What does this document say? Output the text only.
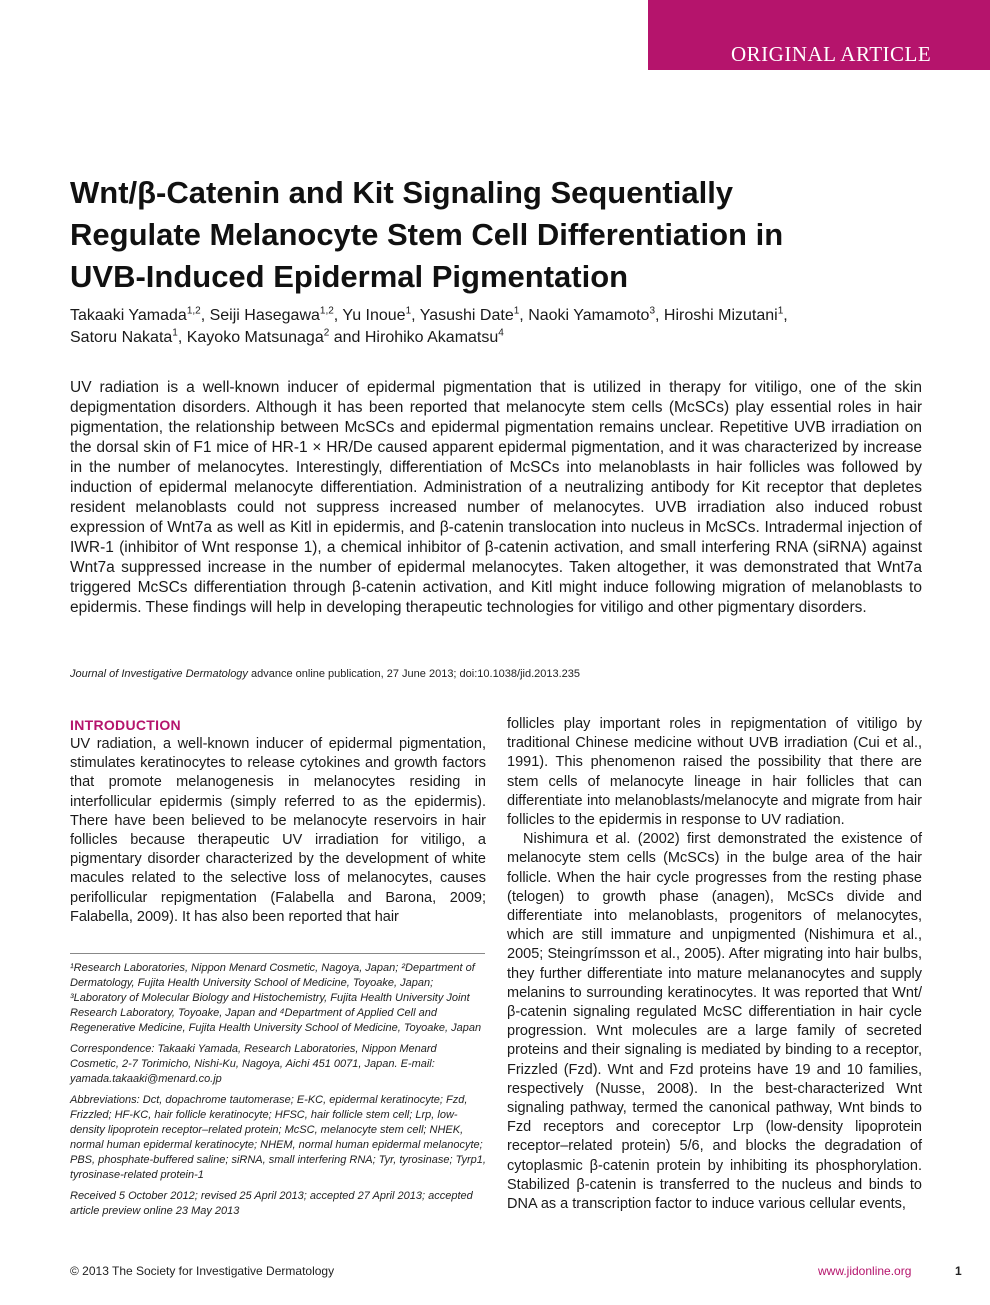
ORIGINAL ARTICLE
Wnt/β-Catenin and Kit Signaling Sequentially
Regulate Melanocyte Stem Cell Differentiation in
UVB-Induced Epidermal Pigmentation
Takaaki Yamada$^{1,2}$, Seiji Hasegawa$^{1,2}$, Yu Inoue$^1$, Yasushi Date$^1$, Naoki Yamamoto$^3$, Hiroshi Mizutani$^1$,
Satoru Nakata$^1$, Kayoko Matsunaga$^2$ and Hirohiko Akamatsu$^4$

UV radiation is a well-known inducer of epidermal pigmentation that is utilized in therapy for vitiligo, one of the skin depigmentation disorders. Although it has been reported that melanocyte stem cells (McSCs) play essential roles in hair pigmentation, the relationship between McSCs and epidermal pigmentation remains unclear. Repetitive UVB irradiation on the dorsal skin of F1 mice of HR-1 × HR/De caused apparent epidermal pigmentation, and it was characterized by increase in the number of melanocytes. Interestingly, differentiation of McSCs into melanoblasts in hair follicles was followed by induction of epidermal melanocyte differentiation. Administration of a neutralizing antibody for Kit receptor that depletes resident melanoblasts could not suppress increased number of melanocytes. UVB irradiation also induced robust expression of Wnt7a as well as Kitl in epidermis, and β-catenin translocation into nucleus in McSCs. Intradermal injection of IWR-1 (inhibitor of Wnt response 1), a chemical inhibitor of β-catenin activation, and small interfering RNA (siRNA) against Wnt7a suppressed increase in the number of epidermal melanocytes. Taken altogether, it was demonstrated that Wnt7a triggered McSCs differentiation through β-catenin activation, and Kitl might induce following migration of melanoblasts to epidermis. These findings will help in developing therapeutic technologies for vitiligo and other pigmentary disorders.

Journal of Investigative Dermatology advance online publication, 27 June 2013; doi:10.1038/jid.2013.235
INTRODUCTION

UV radiation, a well-known inducer of epidermal pigmentation, stimulates keratinocytes to release cytokines and growth factors that promote melanogenesis in melanocytes residing in interfollicular epidermis (simply referred to as the epidermis). There have been believed to be melanocyte reservoirs in hair follicles because therapeutic UV irradiation for vitiligo, a pigmentary disorder characterized by the development of white macules related to the selective loss of melanocytes, causes perifollicular repigmentation (Falabella and Barona, 2009; Falabella, 2009). It has also been reported that hair

¹Research Laboratories, Nippon Menard Cosmetic, Nagoya, Japan; ²Department of Dermatology, Fujita Health University School of Medicine, Toyoake, Japan; ³Laboratory of Molecular Biology and Histochemistry, Fujita Health University Joint Research Laboratory, Toyoake, Japan and ⁴Department of Applied Cell and Regenerative Medicine, Fujita Health University School of Medicine, Toyoake, Japan

Correspondence: Takaaki Yamada, Research Laboratories, Nippon Menard Cosmetic, 2-7 Torimicho, Nishi-Ku, Nagoya, Aichi 451 0071, Japan. E-mail: yamada.takaaki@menard.co.jp

Abbreviations: Dct, dopachrome tautomerase; E-KC, epidermal keratinocyte; Fzd, Frizzled; HF-KC, hair follicle keratinocyte; HFSC, hair follicle stem cell; Lrp, low-density lipoprotein receptor–related protein; McSC, melanocyte stem cell; NHEK, normal human epidermal keratinocyte; NHEM, normal human epidermal melanocyte; PBS, phosphate-buffered saline; siRNA, small interfering RNA; Tyr, tyrosinase; Tyrp1, tyrosinase-related protein-1

Received 5 October 2012; revised 25 April 2013; accepted 27 April 2013; accepted article preview online 23 May 2013

follicles play important roles in repigmentation of vitiligo by traditional Chinese medicine without UVB irradiation (Cui et al., 1991). This phenomenon raised the possibility that there are stem cells of melanocyte lineage in hair follicles that can differentiate into melanoblasts/melanocyte and migrate from hair follicles to the epidermis in response to UV radiation.

Nishimura et al. (2002) first demonstrated the existence of melanocyte stem cells (McSCs) in the bulge area of the hair follicle. When the hair cycle progresses from the resting phase (telogen) to growth phase (anagen), McSCs divide and differentiate into melanoblasts, progenitors of melanocytes, which are still immature and unpigmented (Nishimura et al., 2005; Steingrímsson et al., 2005). After migrating into hair bulbs, they further differentiate into mature melananocytes and supply melanins to surrounding keratinocytes. It was reported that Wnt/β-catenin signaling regulated McSC differentiation in hair cycle progression. Wnt molecules are a large family of secreted proteins and their signaling is mediated by binding to a receptor, Frizzled (Fzd). Wnt and Fzd proteins have 19 and 10 families, respectively (Nusse, 2008). In the best-characterized Wnt signaling pathway, termed the canonical pathway, Wnt binds to Fzd receptors and coreceptor Lrp (low-density lipoprotein receptor–related protein) 5/6, and blocks the degradation of cytoplasmic β-catenin protein by inhibiting its phosphorylation. Stabilized β-catenin is transferred to the nucleus and binds to DNA as a transcription factor to induce various cellular events,

© 2013 The Society for Investigative Dermatology	www.jidonline.org	1
